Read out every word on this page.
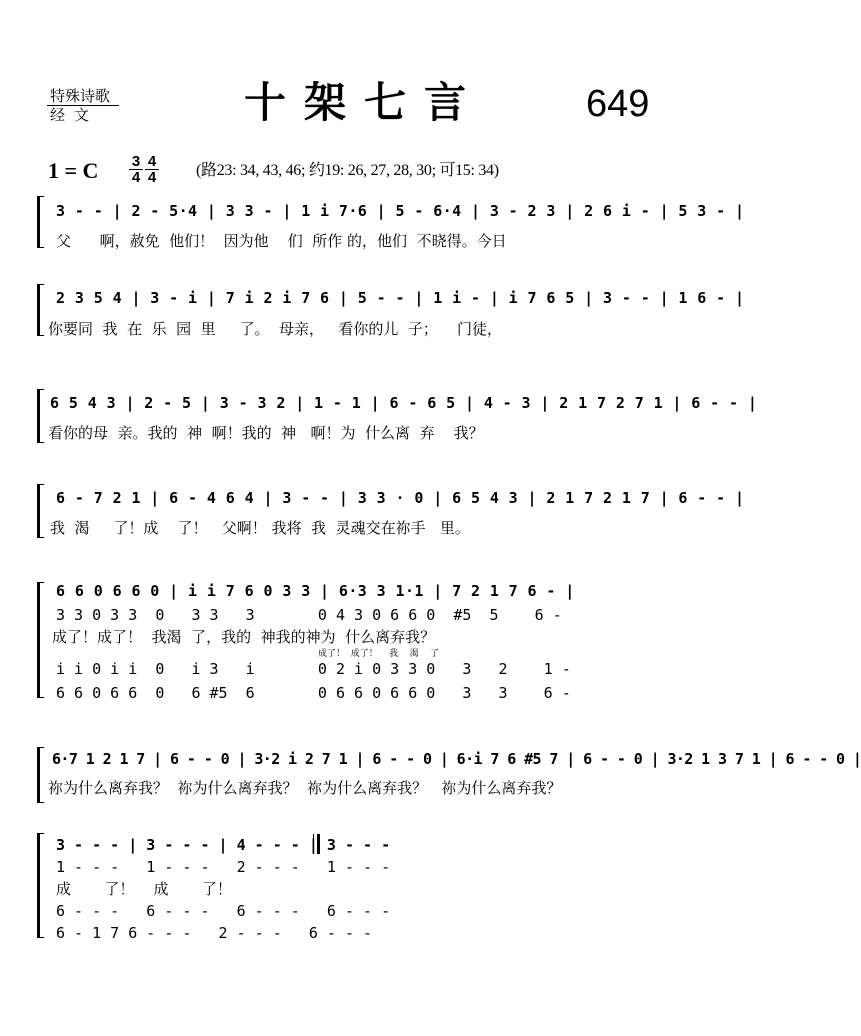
特殊诗歌
经文	十架七言	649
1 = C 3
4
4
4 (路23: 34, 43, 46; 约19: 26, 27, 28, 30; 可15: 34)
3 - - | 2 - 5·4 | 3 3 - | 1 i 7·6 | 5 - 6·4 | 3 - 2 3 | 2 6 i - | 5 3 - |
父      啊，赦免  他们！  因为他    们  所作 的，他们  不晓得。今日
2 3 5 4 | 3 - i | 7 i 2 i 7 6 | 5 - - | 1 i - | i 7 6 5 | 3 - - | 1 6 - |
你要同  我  在  乐  园  里     了。  母亲，   看你的儿  子；    门徒，
6 5 4 3 | 2 - 5 | 3 - 3 2 | 1 - 1 | 6 - 6 5 | 4 - 3 | 2 1 7 2 7 1 | 6 - - |
看你的母  亲。我的  神  啊！我的  神   啊！为  什么离  弃    我？
6 - 7 2 1 | 6 - 4 6 4 | 3 - - | 3 3 · 0 | 6 5 4 3 | 2 1 7 2 1 7 | 6 - - |
我  渴     了！成    了！   父啊！ 我将  我  灵魂交在祢手   里。
6 6 0 6 6 0 | i i 7 6 0 3 3 | 6·3 3 1·1 | 7 2 1 7 6 - |
3 3 0 3 3  0   3 3   3       0 4 3 0 6 6 0  #5  5    6 -
成了！成了！  我渴  了，我的  神我的神为  什么离弃我？
成了！  成了！    我    渴    了
i i 0 i i  0   i 3   i       0 2 i 0 3 3 0   3   2    1 -
6 6 0 6 6  0   6 #5  6       0 6 6 0 6 6 0   3   3    6 -
6·7 1 2 1 7 | 6 - - 0 | 3·2 i 2 7 1 | 6 - - 0 | 6·i 7 6 #5 7 | 6 - - 0 | 3·2 1 3 7 1 | 6 - - 0 |
祢为什么离弃我？  祢为什么离弃我？  祢为什么离弃我？   祢为什么离弃我？
3 - - - | 3 - - - | 4 - - - | 3 - - -
1 - - -   1 - - -   2 - - -   1 - - -
成       了！    成       了！
6 - - -   6 - - -   6 - - -   6 - - -
6 - 1 7 6 - - -   2 - - -   6 - - -
